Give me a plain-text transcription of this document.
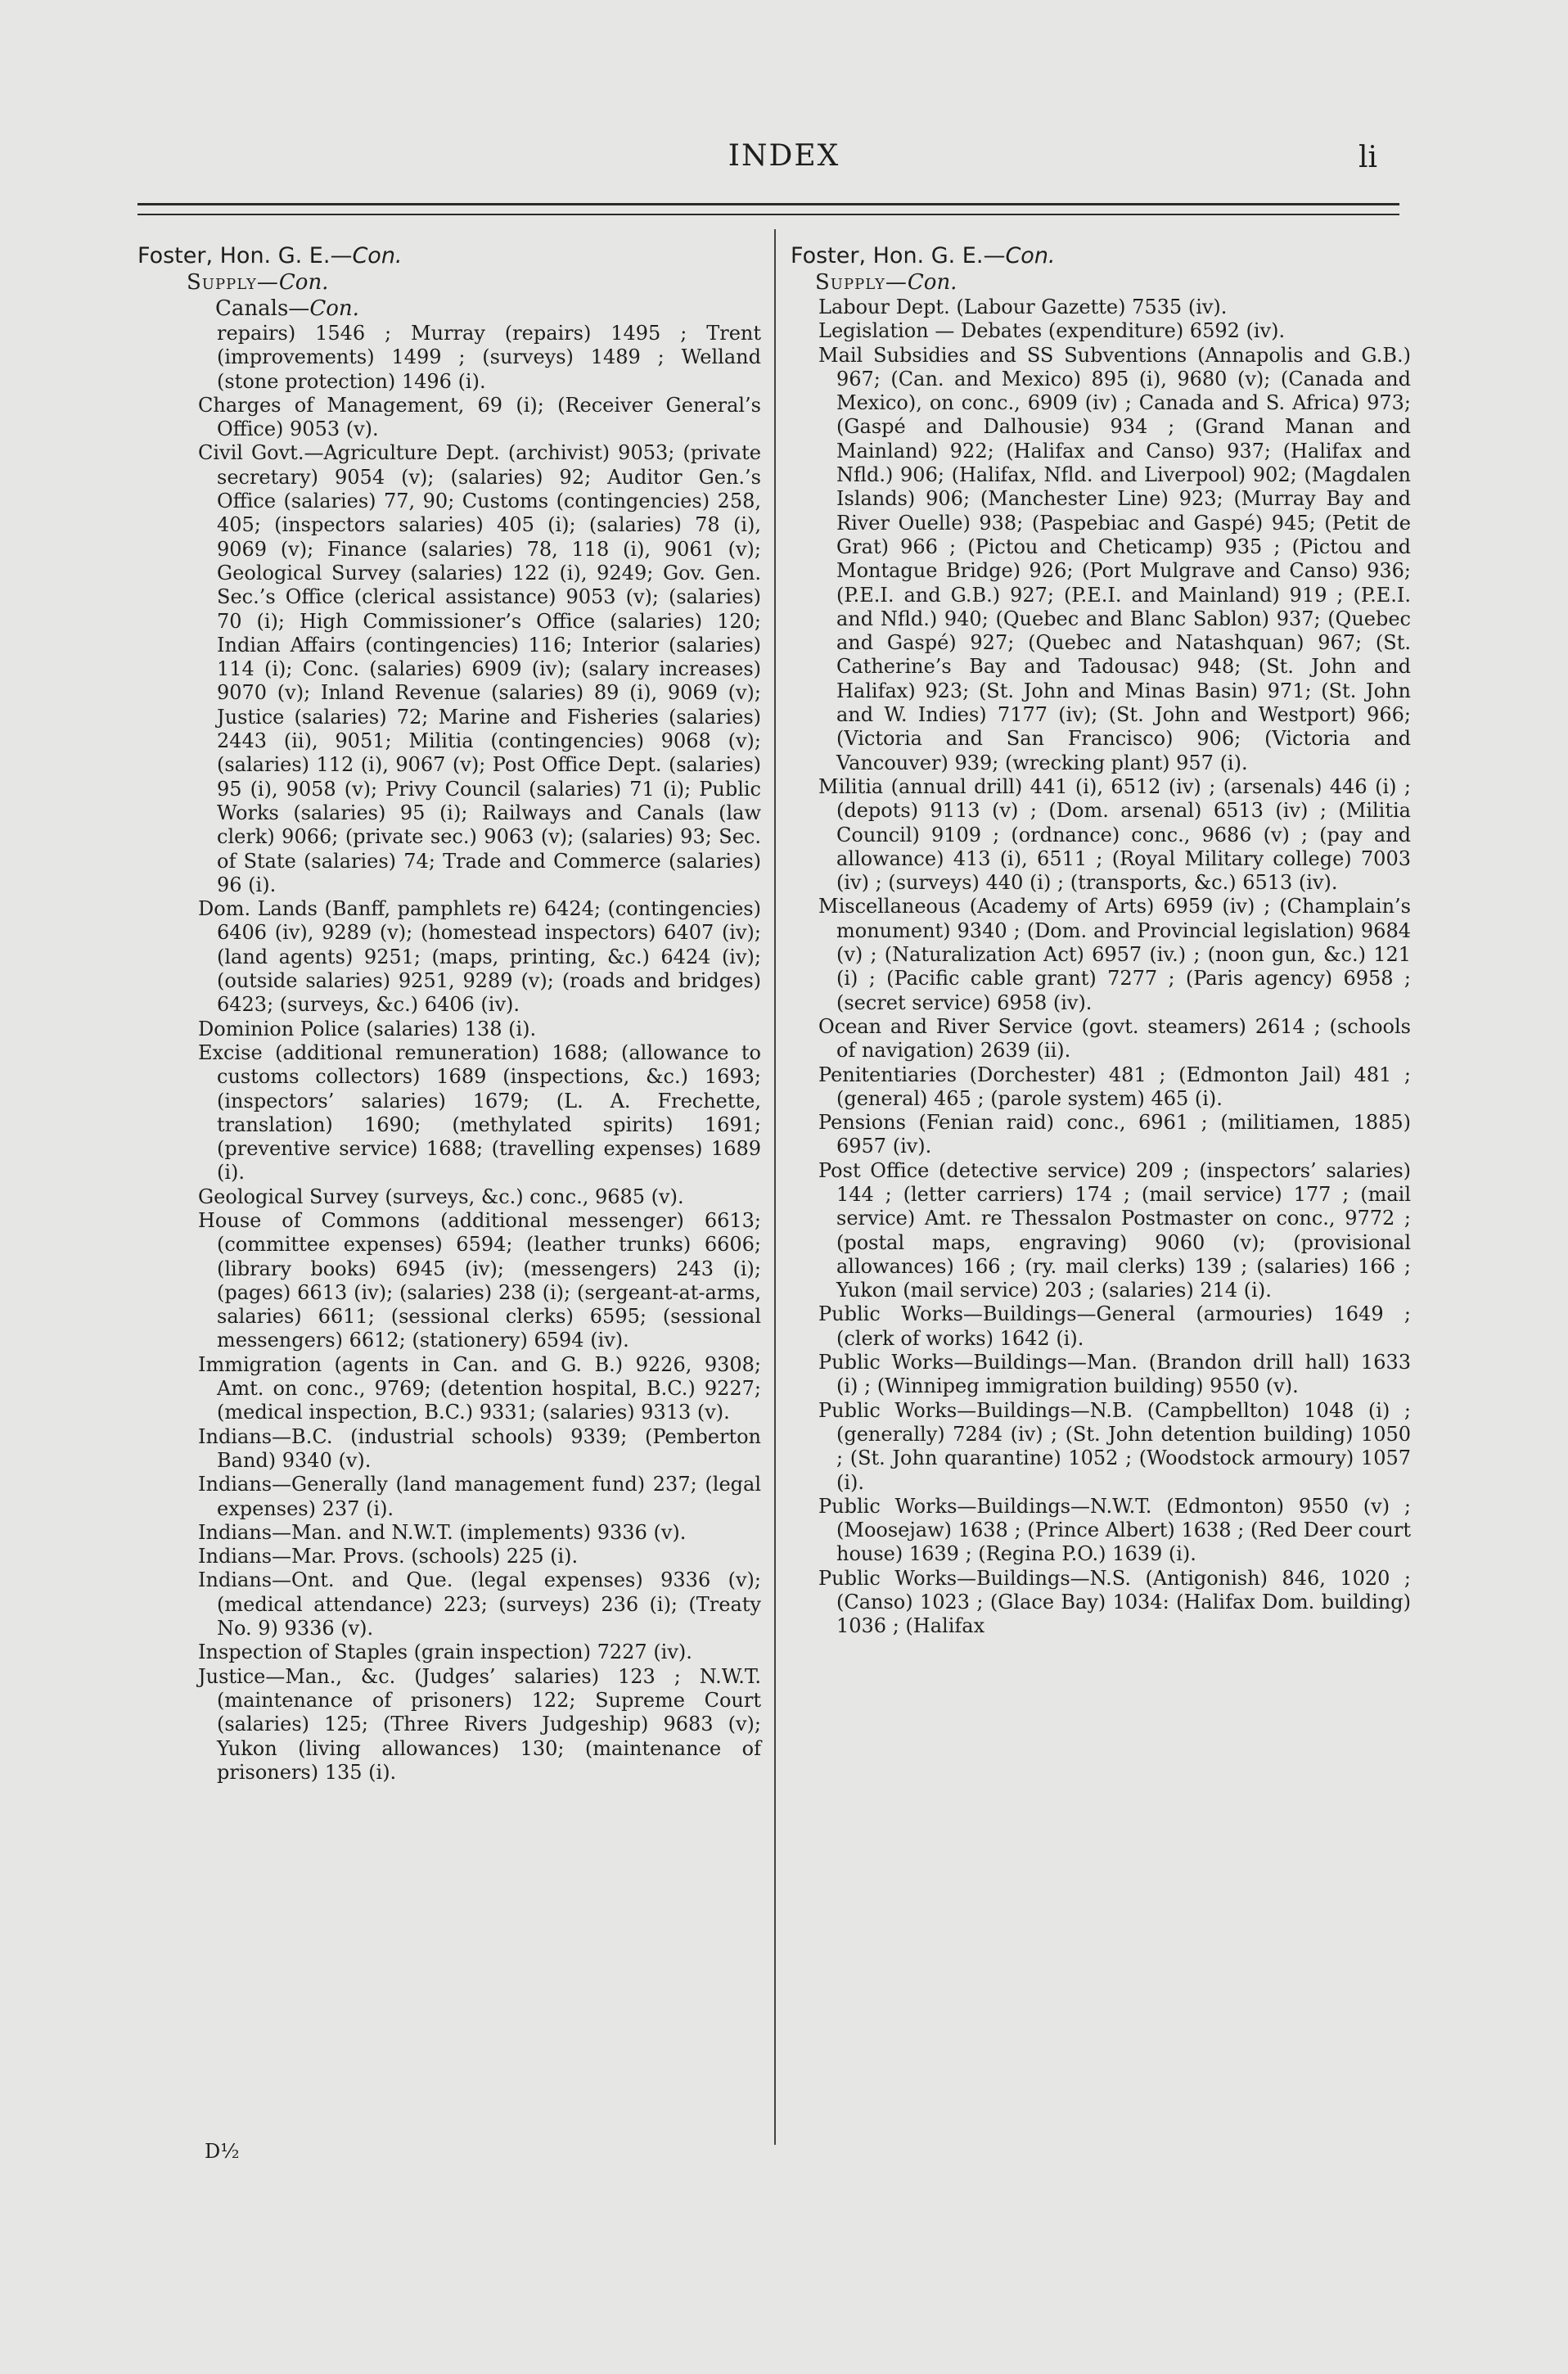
INDEX	li
Foster, Hon. G. E.—Con.
Supply—Con.
Canals—Con.
repairs) 1546 ; Murray (repairs) 1495 ; Trent (improvements) 1499 ; (surveys) 1489 ; Welland (stone protection) 1496 (i).
Charges of Management, 69 (i); (Receiver General’s Office) 9053 (v).
Civil Govt.—Agriculture Dept. (archivist) 9053; (private secretary) 9054 (v); (salaries) 92; Auditor Gen.’s Office (salaries) 77, 90; Customs (contingencies) 258, 405; (inspectors salaries) 405 (i); (salaries) 78 (i), 9069 (v); Finance (salaries) 78, 118 (i), 9061 (v); Geological Survey (salaries) 122 (i), 9249; Gov. Gen. Sec.’s Office (clerical assistance) 9053 (v); (salaries) 70 (i); High Commissioner’s Office (salaries) 120; Indian Affairs (contingencies) 116; Interior (salaries) 114 (i); Conc. (salaries) 6909 (iv); (salary increases) 9070 (v); Inland Revenue (salaries) 89 (i), 9069 (v); Justice (salaries) 72; Marine and Fisheries (salaries) 2443 (ii), 9051; Militia (contingencies) 9068 (v); (salaries) 112 (i), 9067 (v); Post Office Dept. (salaries) 95 (i), 9058 (v); Privy Council (salaries) 71 (i); Public Works (salaries) 95 (i); Railways and Canals (law clerk) 9066; (private sec.) 9063 (v); (salaries) 93; Sec. of State (salaries) 74; Trade and Commerce (salaries) 96 (i).
Dom. Lands (Banff, pamphlets re) 6424; (contingencies) 6406 (iv), 9289 (v); (homestead inspectors) 6407 (iv); (land agents) 9251; (maps, printing, &c.) 6424 (iv); (outside salaries) 9251, 9289 (v); (roads and bridges) 6423; (surveys, &c.) 6406 (iv).
Dominion Police (salaries) 138 (i).
Excise (additional remuneration) 1688; (allowance to customs collectors) 1689 (inspections, &c.) 1693; (inspectors’ salaries) 1679; (L. A. Frechette, translation) 1690; (methylated spirits) 1691; (preventive service) 1688; (travelling expenses) 1689 (i).
Geological Survey (surveys, &c.) conc., 9685 (v).
House of Commons (additional messenger) 6613; (committee expenses) 6594; (leather trunks) 6606; (library books) 6945 (iv); (messengers) 243 (i); (pages) 6613 (iv); (salaries) 238 (i); (sergeant-at-arms, salaries) 6611; (sessional clerks) 6595; (sessional messengers) 6612; (stationery) 6594 (iv).
Immigration (agents in Can. and G. B.) 9226, 9308; Amt. on conc., 9769; (detention hospital, B.C.) 9227; (medical inspection, B.C.) 9331; (salaries) 9313 (v).
Indians—B.C. (industrial schools) 9339; (Pemberton Band) 9340 (v).
Indians—Generally (land management fund) 237; (legal expenses) 237 (i).
Indians—Man. and N.W.T. (implements) 9336 (v).
Indians—Mar. Provs. (schools) 225 (i).
Indians—Ont. and Que. (legal expenses) 9336 (v); (medical attendance) 223; (surveys) 236 (i); (Treaty No. 9) 9336 (v).
Inspection of Staples (grain inspection) 7227 (iv).
Justice—Man., &c. (Judges’ salaries) 123 ; N.W.T. (maintenance of prisoners) 122; Supreme Court (salaries) 125; (Three Rivers Judgeship) 9683 (v); Yukon (living allowances) 130; (maintenance of prisoners) 135 (i).
Foster, Hon. G. E.—Con.
Supply—Con.
Labour Dept. (Labour Gazette) 7535 (iv).
Legislation — Debates (expenditure) 6592 (iv).
Mail Subsidies and SS Subventions (Annapolis and G.B.) 967; (Can. and Mexico) 895 (i), 9680 (v); (Canada and Mexico), on conc., 6909 (iv) ; Canada and S. Africa) 973; (Gaspé and Dalhousie) 934 ; (Grand Manan and Mainland) 922; (Halifax and Canso) 937; (Halifax and Nfld.) 906; (Halifax, Nfld. and Liverpool) 902; (Magdalen Islands) 906; (Manchester Line) 923; (Murray Bay and River Ouelle) 938; (Paspebiac and Gaspé) 945; (Petit de Grat) 966 ; (Pictou and Cheticamp) 935 ; (Pictou and Montague Bridge) 926; (Port Mulgrave and Canso) 936; (P.E.I. and G.B.) 927; (P.E.I. and Mainland) 919 ; (P.E.I. and Nfld.) 940; (Quebec and Blanc Sablon) 937; (Quebec and Gaspé) 927; (Quebec and Natashquan) 967; (St. Catherine’s Bay and Tadousac) 948; (St. John and Halifax) 923; (St. John and Minas Basin) 971; (St. John and W. Indies) 7177 (iv); (St. John and Westport) 966; (Victoria and San Francisco) 906; (Victoria and Vancouver) 939; (wrecking plant) 957 (i).
Militia (annual drill) 441 (i), 6512 (iv) ; (arsenals) 446 (i) ; (depots) 9113 (v) ; (Dom. arsenal) 6513 (iv) ; (Militia Council) 9109 ; (ordnance) conc., 9686 (v) ; (pay and allowance) 413 (i), 6511 ; (Royal Military college) 7003 (iv) ; (surveys) 440 (i) ; (transports, &c.) 6513 (iv).
Miscellaneous (Academy of Arts) 6959 (iv) ; (Champlain’s monument) 9340 ; (Dom. and Provincial legislation) 9684 (v) ; (Naturalization Act) 6957 (iv.) ; (noon gun, &c.) 121 (i) ; (Pacific cable grant) 7277 ; (Paris agency) 6958 ; (secret service) 6958 (iv).
Ocean and River Service (govt. steamers) 2614 ; (schools of navigation) 2639 (ii).
Penitentiaries (Dorchester) 481 ; (Edmonton Jail) 481 ; (general) 465 ; (parole system) 465 (i).
Pensions (Fenian raid) conc., 6961 ; (militiamen, 1885) 6957 (iv).
Post Office (detective service) 209 ; (inspectors’ salaries) 144 ; (letter carriers) 174 ; (mail service) 177 ; (mail service) Amt. re Thessalon Postmaster on conc., 9772 ; (postal maps, engraving) 9060 (v); (provisional allowances) 166 ; (ry. mail clerks) 139 ; (salaries) 166 ; Yukon (mail service) 203 ; (salaries) 214 (i).
Public Works—Buildings—General (armouries) 1649 ; (clerk of works) 1642 (i).
Public Works—Buildings—Man. (Brandon drill hall) 1633 (i) ; (Winnipeg immigration building) 9550 (v).
Public Works—Buildings—N.B. (Campbellton) 1048 (i) ; (generally) 7284 (iv) ; (St. John detention building) 1050 ; (St. John quarantine) 1052 ; (Woodstock armoury) 1057 (i).
Public Works—Buildings—N.W.T. (Edmonton) 9550 (v) ; (Moosejaw) 1638 ; (Prince Albert) 1638 ; (Red Deer court house) 1639 ; (Regina P.O.) 1639 (i).
Public Works—Buildings—N.S. (Antigonish) 846, 1020 ; (Canso) 1023 ; (Glace Bay) 1034: (Halifax Dom. building) 1036 ; (Halifax
D½
